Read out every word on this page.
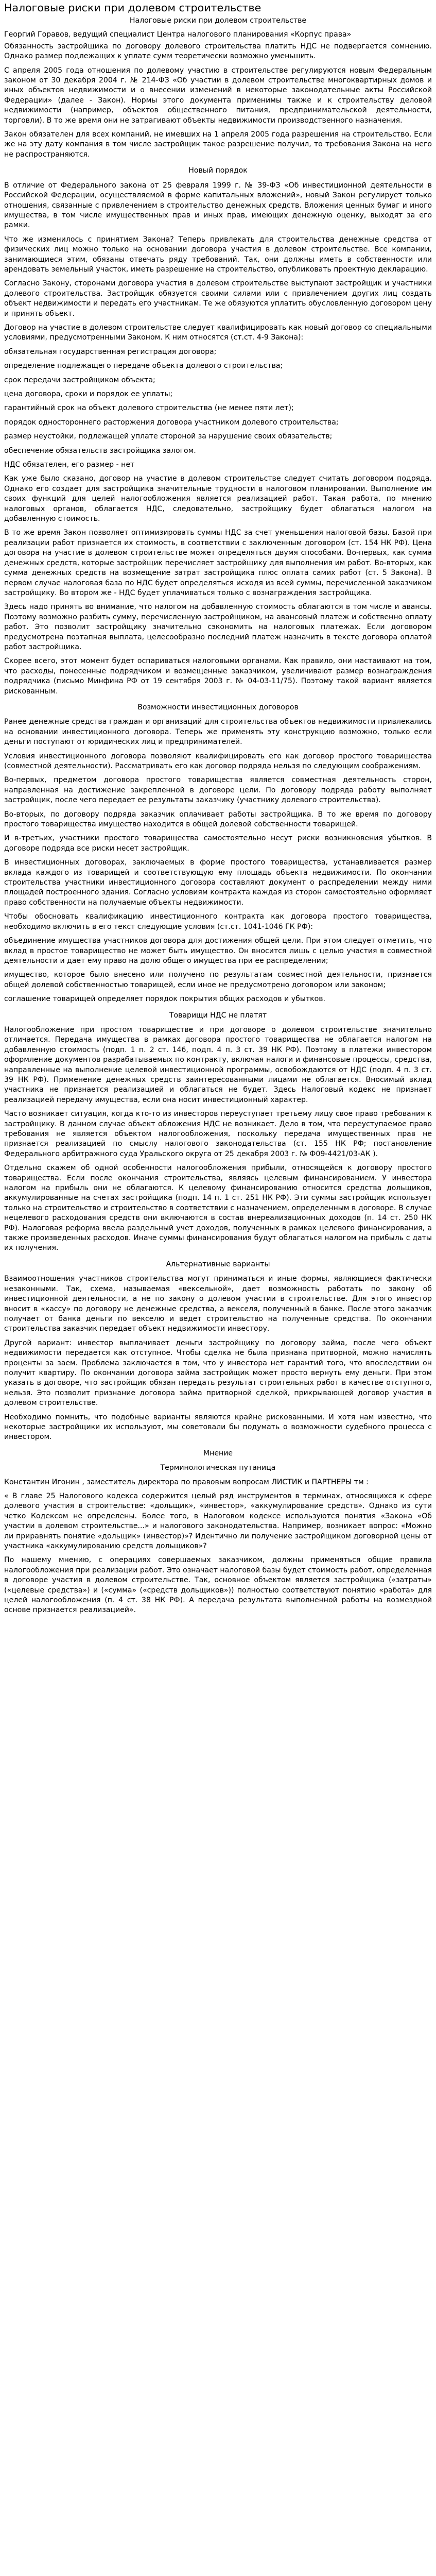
Налоговые риски при долевом строительстве
Налоговые риски при долевом строительстве
Георгий Горавов, ведущий специалист Центра налогового планирования «Корпус права»
Обязанность застройщика по договору долевого строительства платить НДС не подвергается сомнению. Однако размер подлежащих к уплате сумм теоретически возможно уменьшить.
С апреля 2005 года отношения по долевому участию в строительстве регулируются новым Федеральным законом от 30 декабря 2004 г. № 214-ФЗ «Об участии в долевом строительстве многоквартирных домов и иных объектов недвижимости и о внесении изменений в некоторые законодательные акты Российской Федерации» (далее - Закон). Нормы этого документа применимы также и к строительству деловой недвижимости (например, объектов общественного питания, предпринимательской деятельности, торговли). В то же время они не затрагивают объекты недвижимости производственного назначения.
Закон обязателен для всех компаний, не имевших на 1 апреля 2005 года разрешения на строительство. Если же на эту дату компания в том числе застройщик такое разрешение получил, то требования Закона на него не распространяются.
Новый порядок
В отличие от Федерального закона от 25 февраля 1999 г. № 39-ФЗ «Об инвестиционной деятельности в Российской Федерации, осуществляемой в форме капитальных вложений», новый Закон регулирует только отношения, связанные с привлечением в строительство денежных средств. Вложения ценных бумаг и иного имущества, в том числе имущественных прав и иных прав, имеющих денежную оценку, выходят за его рамки.
Что же изменилось с принятием Закона? Теперь привлекать для строительства денежные средства от физических лиц можно только на основании договора участия в долевом строительстве. Все компании, занимающиеся этим, обязаны отвечать ряду требований. Так, они должны иметь в собственности или арендовать земельный участок, иметь разрешение на строительство, опубликовать проектную декларацию.
Согласно Закону, сторонами договора участия в долевом строительстве выступают застройщик и участники долевого строительства. Застройщик обязуется своими силами или с привлечением других лиц создать объект недвижимости и передать его участникам. Те же обязуются уплатить обусловленную договором цену и принять объект.
Договор на участие в долевом строительстве следует квалифицировать как новый договор со специальными условиями, предусмотренными Законом. К ним относятся (ст.ст. 4-9 Закона):
обязательная государственная регистрация договора;
определение подлежащего передаче объекта долевого строительства;
срок передачи застройщиком объекта;
цена договора, сроки и порядок ее уплаты;
гарантийный срок на объект долевого строительства (не менее пяти лет);
порядок одностороннего расторжения договора участником долевого строительства;
размер неустойки, подлежащей уплате стороной за нарушение своих обязательств;
обеспечение обязательств застройщика залогом.
НДС обязателен, его размер - нет
Как уже было сказано, договор на участие в долевом строительстве следует считать договором подряда. Однако его создает для застройщика значительные трудности в налоговом планировании. Выполнение им своих функций для целей налогообложения является реализацией работ. Такая работа, по мнению налоговых органов, облагается НДС, следовательно, застройщику будет облагаться налогом на добавленную стоимость.
В то же время Закон позволяет оптимизировать суммы НДС за счет уменьшения налоговой базы. Базой при реализации работ признается их стоимость, в соответствии с заключенным договором (ст. 154 НК РФ). Цена договора на участие в долевом строительстве может определяться двумя способами. Во-первых, как сумма денежных средств, которые застройщик перечисляет застройщику для выполнения им работ. Во-вторых, как сумма денежных средств на возмещение затрат застройщика плюс оплата самих работ (ст. 5 Закона). В первом случае налоговая база по НДС будет определяться исходя из всей суммы, перечисленной заказчиком застройщику. Во втором же - НДС будет уплачиваться только с вознаграждения застройщика.
Здесь надо принять во внимание, что налогом на добавленную стоимость облагаются в том числе и авансы. Поэтому возможно разбить сумму, перечисленную застройщиком, на авансовый платеж и собственно оплату работ. Это позволит застройщику значительно сэкономить на налоговых платежах. Если договором предусмотрена поэтапная выплата, целесообразно последний платеж назначить в тексте договора оплатой работ застройщика.
Скорее всего, этот момент будет оспариваться налоговыми органами. Как правило, они настаивают на том, что расходы, понесенные подрядчиком и возмещенные заказчиком, увеличивают размер вознаграждения подрядчика (письмо Минфина РФ от 19 сентября 2003 г. № 04-03-11/75). Поэтому такой вариант является рискованным.
Возможности инвестиционных договоров
Ранее денежные средства граждан и организаций для строительства объектов недвижимости привлекались на основании инвестиционного договора. Теперь же применять эту конструкцию возможно, только если деньги поступают от юридических лиц и предпринимателей.
Условия инвестиционного договора позволяют квалифицировать его как договор простого товарищества (совместной деятельности). Рассматривать его как договор подряда нельзя по следующим соображениям.
Во-первых, предметом договора простого товарищества является совместная деятельность сторон, направленная на достижение закрепленной в договоре цели. По договору подряда работу выполняет застройщик, после чего передает ее результаты заказчику (участнику долевого строительства).
Во-вторых, по договору подряда заказчик оплачивает работы застройщика. В то же время по договору простого товарищества имущество находится в общей долевой собственности товарищей.
И в-третьих, участники простого товарищества самостоятельно несут риски возникновения убытков. В договоре подряда все риски несет застройщик.
В инвестиционных договорах, заключаемых в форме простого товарищества, устанавливается размер вклада каждого из товарищей и соответствующую ему площадь объекта недвижимости. По окончании строительства участники инвестиционного договора составляют документ о распределении между ними площадей построенного здания. Согласно условиям контракта каждая из сторон самостоятельно оформляет право собственности на получаемые объекты недвижимости.
Чтобы обосновать квалификацию инвестиционного контракта как договора простого товарищества, необходимо включить в его текст следующие условия (ст.ст. 1041-1046 ГК РФ):
объединение имущества участников договора для достижения общей цели. При этом следует отметить, что вклад в простое товарищество не может быть имущество. Он вносится лишь с целью участия в совместной деятельности и дает ему право на долю общего имущества при ее распределении;
имущество, которое было внесено или получено по результатам совместной деятельности, признается общей долевой собственностью товарищей, если иное не предусмотрено договором или законом;
соглашение товарищей определяет порядок покрытия общих расходов и убытков.
Товарищи НДС не платят
Налогообложение при простом товариществе и при договоре о долевом строительстве значительно отличается. Передача имущества в рамках договора простого товарищества не облагается налогом на добавленную стоимость (подп. 1 п. 2 ст. 146, подп. 4 п. 3 ст. 39 НК РФ). Поэтому в платежи инвестором оформление документов разрабатываемых по контракту, включая налоги и финансовые процессы, средства, направленные на выполнение целевой инвестиционной программы, освобождаются от НДС (подп. 4 п. 3 ст. 39 НК РФ). Применение денежных средств заинтересованными лицами не облагается. Вносимый вклад участника не признается реализацией и облагаться не будет. Здесь Налоговый кодекс не признает реализацией передачу имущества, если она носит инвестиционный характер.
Часто возникает ситуация, когда кто-то из инвесторов переуступает третьему лицу свое право требования к застройщику. В данном случае объект обложения НДС не возникает. Дело в том, что переуступаемое право требования не является объектом налогообложения, поскольку передача имущественных прав не признается реализацией по смыслу налогового законодательства (ст. 155 НК РФ; постановление Федерального арбитражного суда Уральского округа от 25 декабря 2003 г. № Ф09-4421/03-АК ).
Отдельно скажем об одной особенности налогообложения прибыли, относящейся к договору простого товарищества. Если после окончания строительства, являясь целевым финансированием. У инвестора налогом на прибыль они не облагаются. К целевому финансированию относится средства дольщиков, аккумулированные на счетах застройщика (подп. 14 п. 1 ст. 251 НК РФ). Эти суммы застройщик использует только на строительство и строительство в соответствии с назначением, определенным в договоре. В случае нецелевого расходования средств они включаются в состав внереализационных доходов (п. 14 ст. 250 НК РФ). Налоговая реформа ввела раздельный учет доходов, полученных в рамках целевого финансирования, а также произведенных расходов. Иначе суммы финансирования будут облагаться налогом на прибыль с даты их получения.
Альтернативные варианты
Взаимоотношения участников строительства могут приниматься и иные формы, являющиеся фактически незаконными. Так, схема, называемая «вексельной», дает возможность работать по закону об инвестиционной деятельности, а не по закону о долевом участии в строительстве. Для этого инвестор вносит в «кассу» по договору не денежные средства, а векселя, полученный в банке. После этого заказчик получает от банка деньги по векселю и ведет строительство на полученные средства. По окончании строительства заказчик передает объект недвижимости инвестору.
Другой вариант: инвестор выплачивает деньги застройщику по договору займа, после чего объект недвижимости передается как отступное. Чтобы сделка не была признана притворной, можно начислять проценты за заем. Проблема заключается в том, что у инвестора нет гарантий того, что впоследствии он получит квартиру. По окончании договора займа застройщик может просто вернуть ему деньги. При этом указать в договоре, что застройщик обязан передать результат строительных работ в качестве отступного, нельзя. Это позволит признание договора займа притворной сделкой, прикрывающей договор участия в долевом строительстве.
Необходимо помнить, что подобные варианты являются крайне рискованными. И хотя нам известно, что некоторые застройщики их используют, мы советовали бы подумать о возможности судебного процесса с инвестором.
Мнение
Терминологическая путаница
Константин Игонин , заместитель директора по правовым вопросам ЛИСТИК и ПАРТНЕРЫ тм :
« В главе 25 Налогового кодекса содержится целый ряд инструментов в терминах, относящихся к сфере долевого участия в строительстве: «дольщик», «инвестор», «аккумулирование средств». Однако из сути четко Кодексом не определены. Более того, в Налоговом кодексе используются понятия «Закона «Об участии в долевом строительстве...» и налогового законодательства. Например, возникает вопрос: «Можно ли приравнять понятие «дольщик» (инвестор)»? Идентично ли получение застройщиком договорной цены от участника «аккумулированию средств дольщиков»?
По нашему мнению, с операциях совершаемых заказчиком, должны применяться общие правила налогообложения при реализации работ. Это означает налоговой базы будет стоимость работ, определенная в договоре участия в долевом строительстве. Так, основное объектом является застройщика («затраты» («целевые средства») и («сумма» («средств дольщиков»)) полностью соответствуют понятию «работа» для целей налогообложения (п. 4 ст. 38 НК РФ). А передача результата выполненной работы на возмездной основе признается реализацией».
